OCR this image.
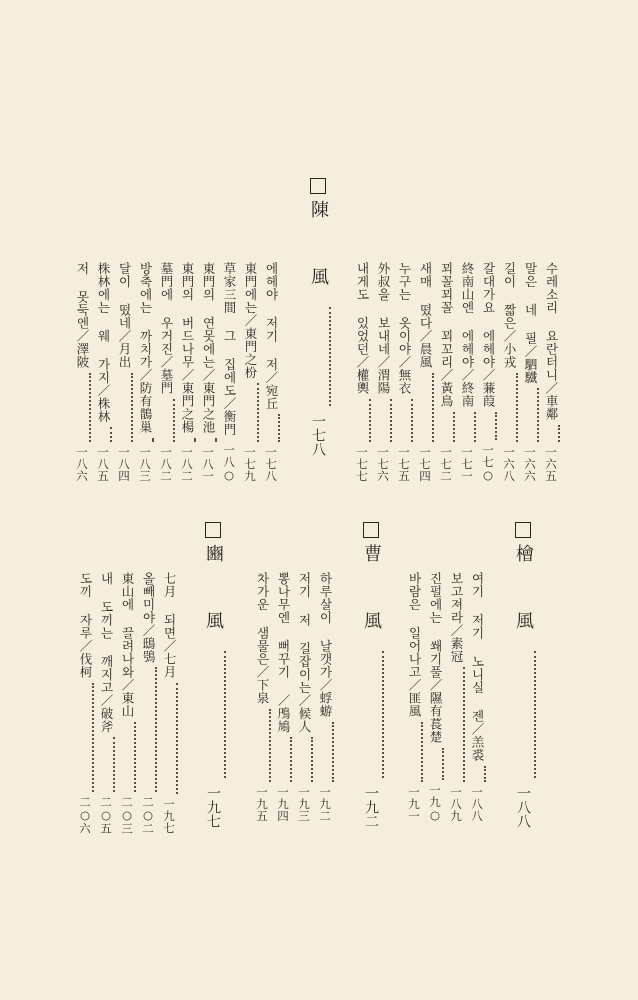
수레소리 요란터니／車鄰
一六五
말은 네 필／駟驖
一六六
길이 짧은／小戎
一六八
갈대가요 에헤야／蒹葭
一七○
終南山엔 에헤야／終南
一七一
꾀꼴꾀꼴 꾀꼬리／黃鳥
一七二
새매 떴다／晨風
一七四
누구는 옷이야／無衣
一七五
外叔을 보내네／渭陽
一七六
내게도 있었던／權輿
一七七
陳 風
一七八
에헤야 저기 저／宛丘
一七八
東門에는／東門之枌
一七九
草家三間 그 집에도／衡門
一八○
東門의 연못에는／東門之池
一八一
東門의 버드나무／東門之楊
一八二
墓門에 우거진／墓門
一八二
방축에는 까치가／防有鵲巢
一八三
달이 떴네／月出
一八四
株林에는 웨 가지／株林
一八五
저 못둑엔／澤陂
一八六
檜 風
一八八
여기 저기 노니실 젠／羔裘
一八八
보고져라／素冠
一八九
진펄에는 쐐기풀／隰有萇楚
一九○
바람은 일어나고／匪風
一九一
曹 風
一九二
하루살이 날갯가／蜉蝣
一九二
저기 저 길잡이는／候人
一九三
뽕나무엔 뻐꾸기 ／鳲鳩
一九四
차가운 샘물은／下泉
一九五
豳 風
一九七
七月 되면／七月
一九七
올빼미야／鴟鴞
二○二
東山에 끌려나와／東山
二○三
내 도끼는 깨지고／破斧
二○五
도끼 자루／伐柯
二○六
